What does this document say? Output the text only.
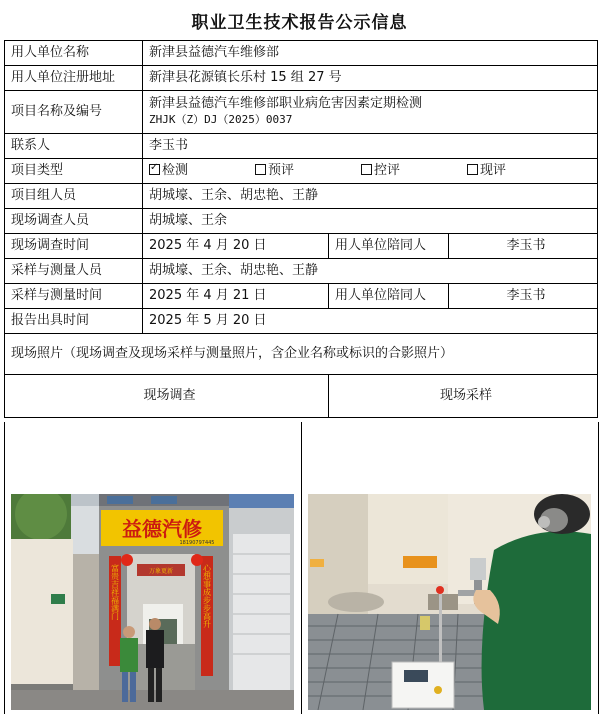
职业卫生技术报告公示信息
用人单位名称	新津县益德汽车维修部		
用人单位注册地址	新津县花源镇长乐村 15 组 27 号		
项目名称及编号	新津县益德汽车维修部职业病危害因素定期检测
ZHJK（Z）DJ（2025）0037		

联系人	李玉书		
项目类型	✓检测 预评 控评 现评
项目组人员	胡城壕、王余、胡忠艳、王静		
现场调查人员	胡城壕、王余		
现场调查时间	2025 年 4 月 20 日	用人单位陪同人	李玉书
采样与测量人员	胡城壕、王余、胡忠艳、王静		
采样与测量时间	2025 年 4 月 21 日	用人单位陪同人	李玉书
报告出具时间	2025 年 5 月 20 日		
现场照片（现场调查及现场采样与测量照片，含企业名称或标识的合影照片）			
现场调查		现场采样	
益德汽修
18190797445
万象更新
富贵吉祥福满门	心想事成步步高升
